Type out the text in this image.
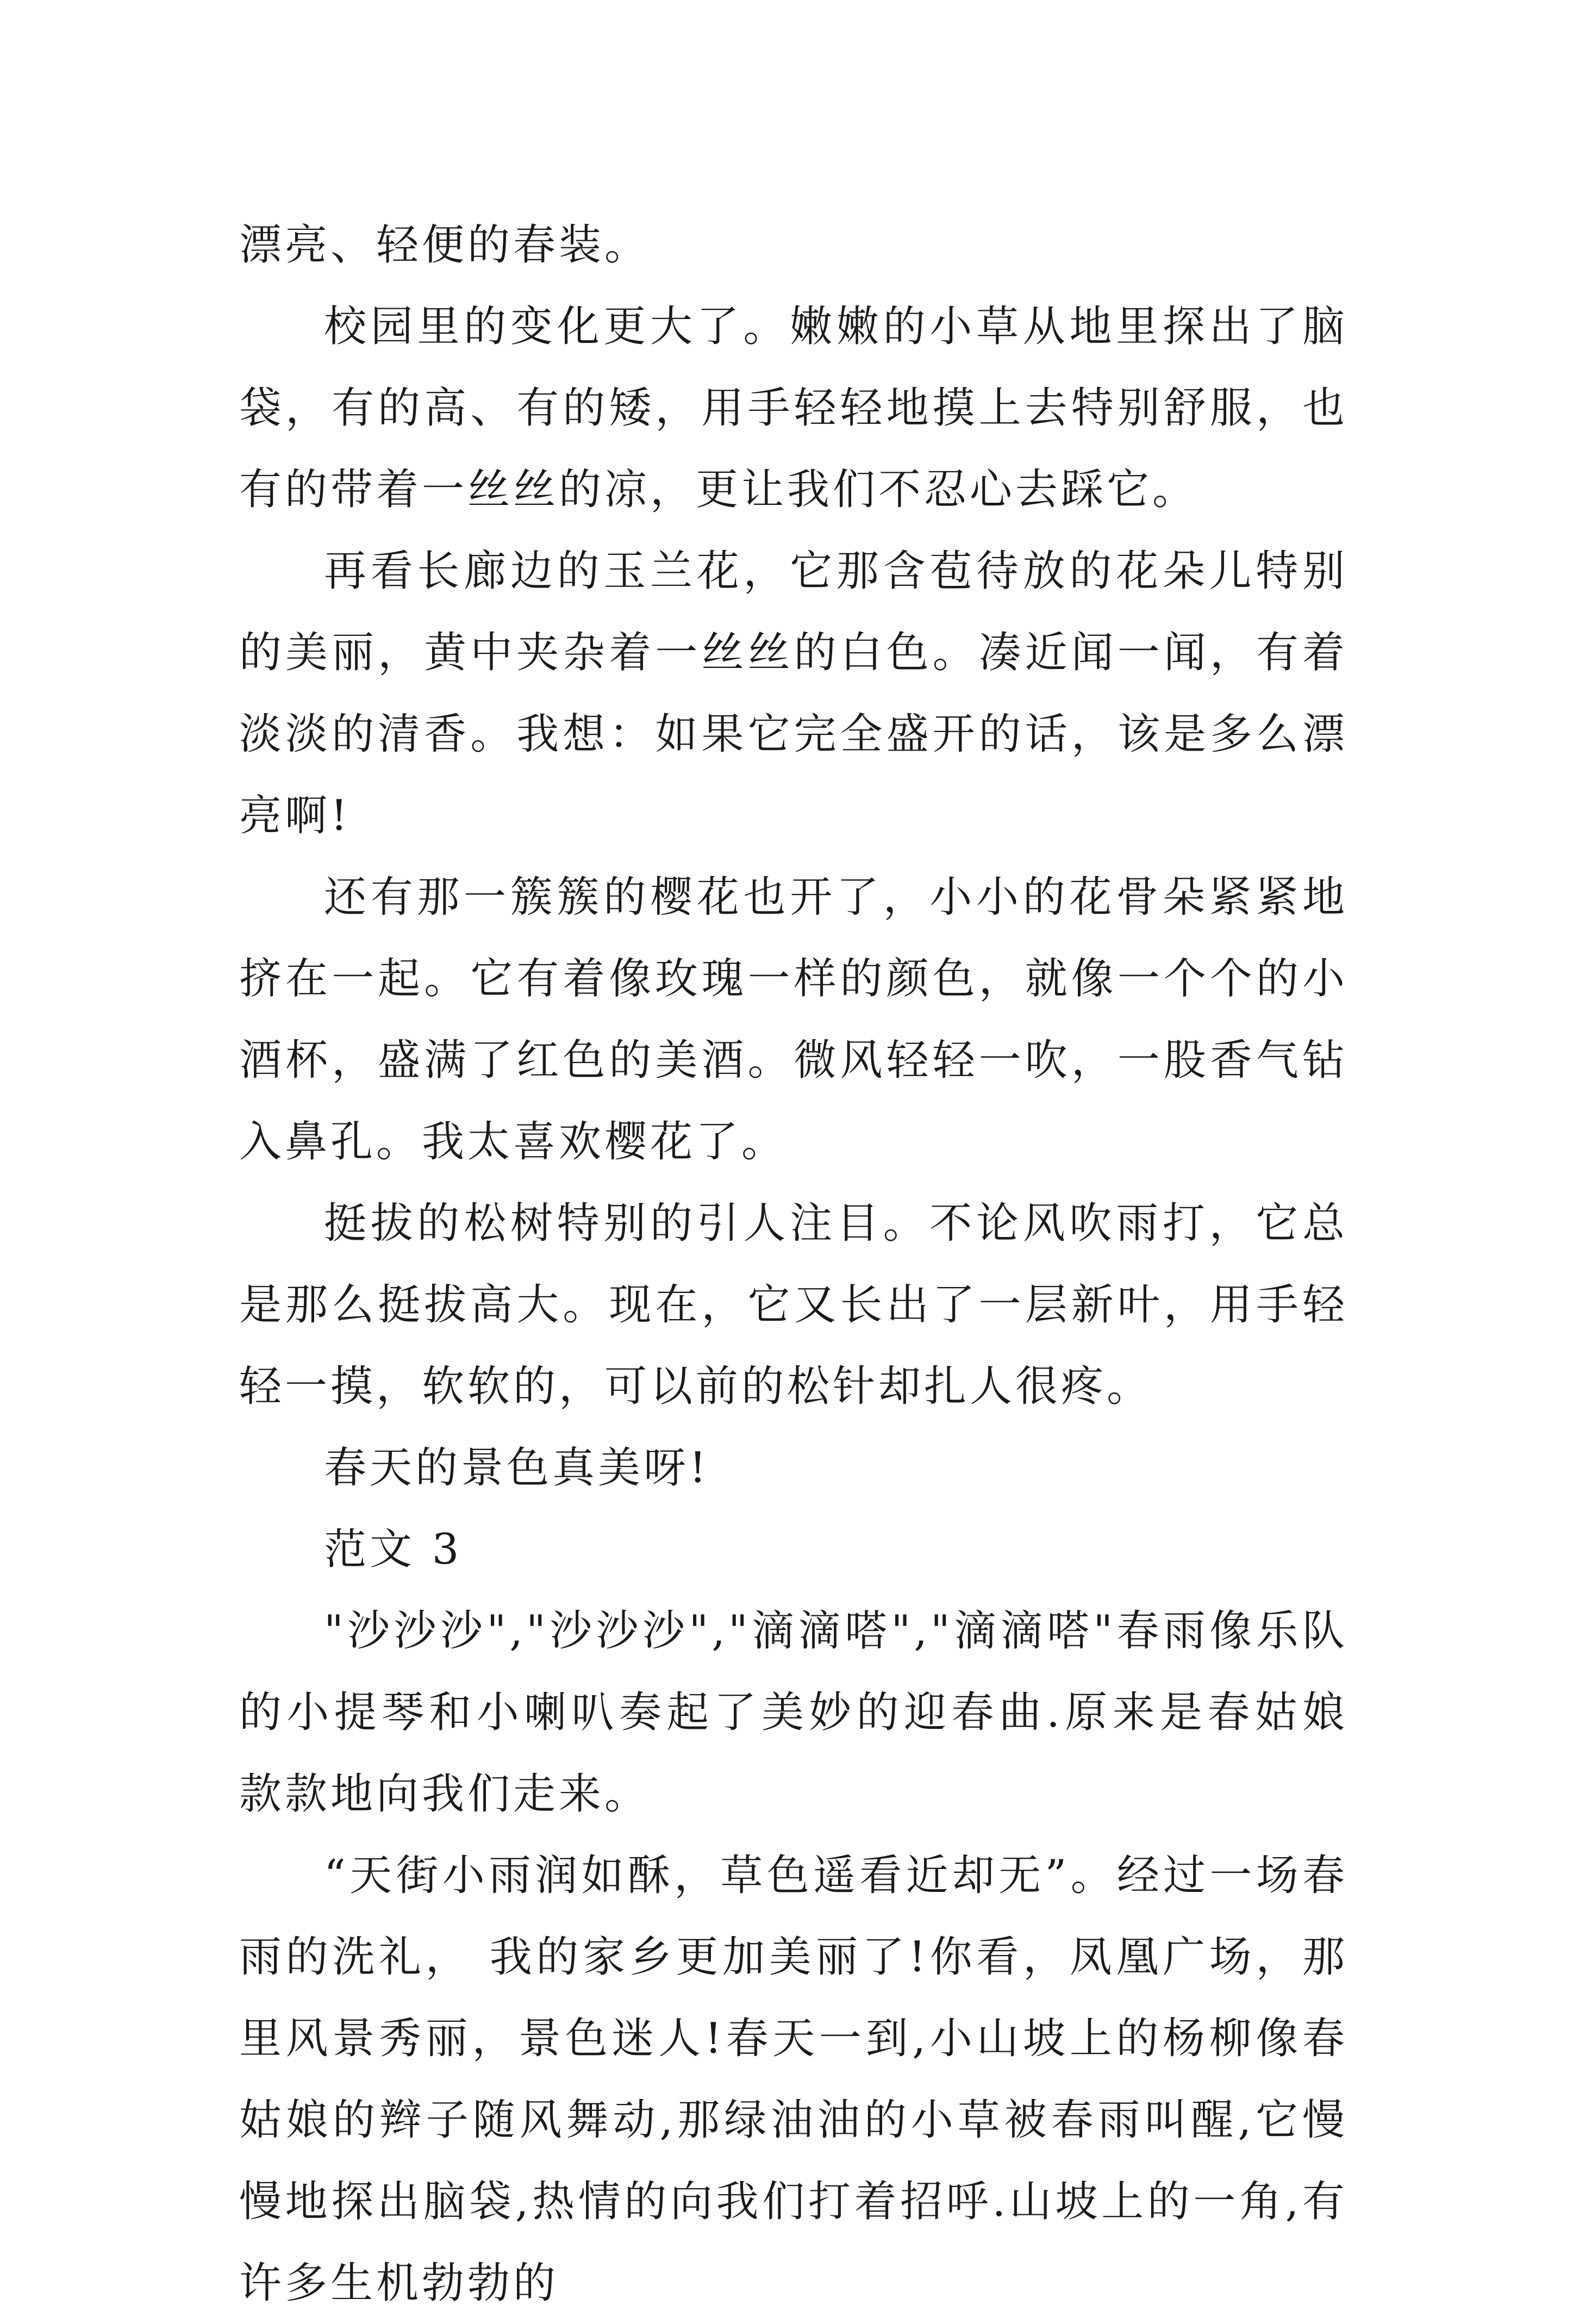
漂亮、轻便的春装。

校园里的变化更大了。嫩嫩的小草从地里探出了脑袋，有的高、有的矮，用手轻轻地摸上去特别舒服，也有的带着一丝丝的凉，更让我们不忍心去踩它。

再看长廊边的玉兰花，它那含苞待放的花朵儿特别的美丽，黄中夹杂着一丝丝的白色。凑近闻一闻，有着淡淡的清香。我想：如果它完全盛开的话，该是多么漂亮啊!

还有那一簇簇的樱花也开了，小小的花骨朵紧紧地挤在一起。它有着像玫瑰一样的颜色，就像一个个的小酒杯，盛满了红色的美酒。微风轻轻一吹，一股香气钻入鼻孔。我太喜欢樱花了。

挺拔的松树特别的引人注目。不论风吹雨打，它总是那么挺拔高大。现在，它又长出了一层新叶，用手轻轻一摸，软软的，可以前的松针却扎人很疼。

春天的景色真美呀!

范文 3

"沙沙沙","沙沙沙","滴滴嗒","滴滴嗒"春雨像乐队的小提琴和小喇叭奏起了美妙的迎春曲.原来是春姑娘款款地向我们走来。

“天街小雨润如酥，草色遥看近却无”。经过一场春雨的洗礼， 我的家乡更加美丽了!你看，凤凰广场，那里风景秀丽，景色迷人!春天一到,小山坡上的杨柳像春姑娘的辫子随风舞动,那绿油油的小草被春雨叫醒,它慢慢地探出脑袋,热情的向我们打着招呼.山坡上的一角,有许多生机勃勃的
